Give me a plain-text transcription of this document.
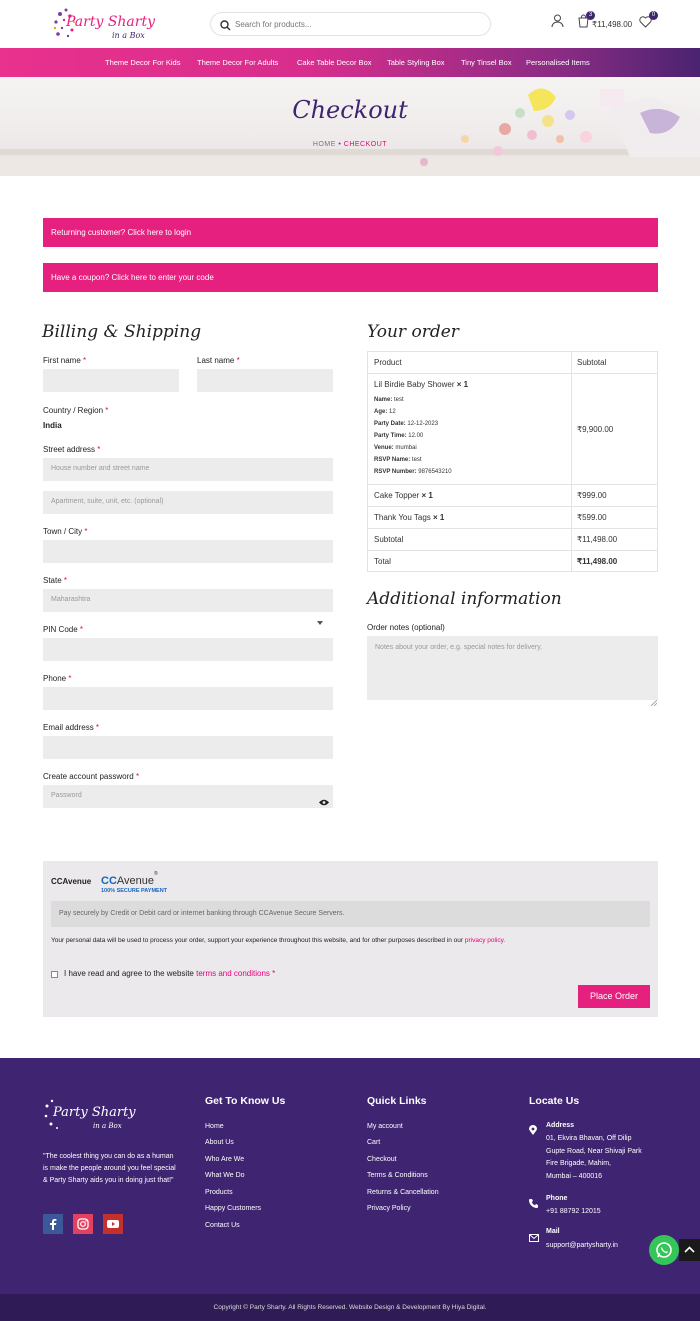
Party Sharty
in a Box
Search for products...
3
₹11,498.00
0
Theme Decor For Kids Theme Decor For Adults Cake Table Decor Box Table Styling Box Tiny Tinsel Box Personalised Items
Checkout
HOME • CHECKOUT
Returning customer? Click here to login
Have a coupon? Click here to enter your code
Billing & Shipping
First name *	Last name *
Country / Region *
India
Street address *
House number and street name
Apartment, suite, unit, etc. (optional)
Town / City *
State *
Maharashtra
PIN Code *
Phone *
Email address *
Create account password *
Password
Your order
Product	Subtotal
Lil Birdie Baby Shower × 1
Name: test
Age: 12
Party Date: 12-12-2023
Party Time: 12.00
Venue: mumbai
RSVP Name: test
RSVP Number: 9876543210
₹9,900.00
Cake Topper × 1	₹999.00
Thank You Tags × 1	₹599.00
Subtotal	₹11,498.00
Total	₹11,498.00
Additional information
Order notes (optional)
Notes about your order, e.g. special notes for delivery.
CCAvenue CCAvenue®
100% SECURE PAYMENT
Pay securely by Credit or Debit card or internet banking through CCAvenue Secure Servers.
Your personal data will be used to process your order, support your experience throughout this website, and for other purposes described in our privacy policy.
I have read and agree to the website terms and conditions *
Place Order
Party Sharty
in a Box
"The coolest thing you can do as a human is make the people around you feel special & Party Sharty aids you in doing just that!"
Get To Know Us
Home
About Us
Who Are We
What We Do
Products
Happy Customers
Contact Us
Quick Links
My account
Cart
Checkout
Terms & Conditions
Returns & Cancellation
Privacy Policy
Locate Us
Address
01, Ekvira Bhavan, Off Dilip
Gupte Road, Near Shivaji Park
Fire Brigade, Mahim,
Mumbai – 400016
Phone
+91 88792 12015
Mail
support@partysharty.in
Copyright © Party Sharty. All Rights Reserved. Website Design & Development By Hiya Digital.
